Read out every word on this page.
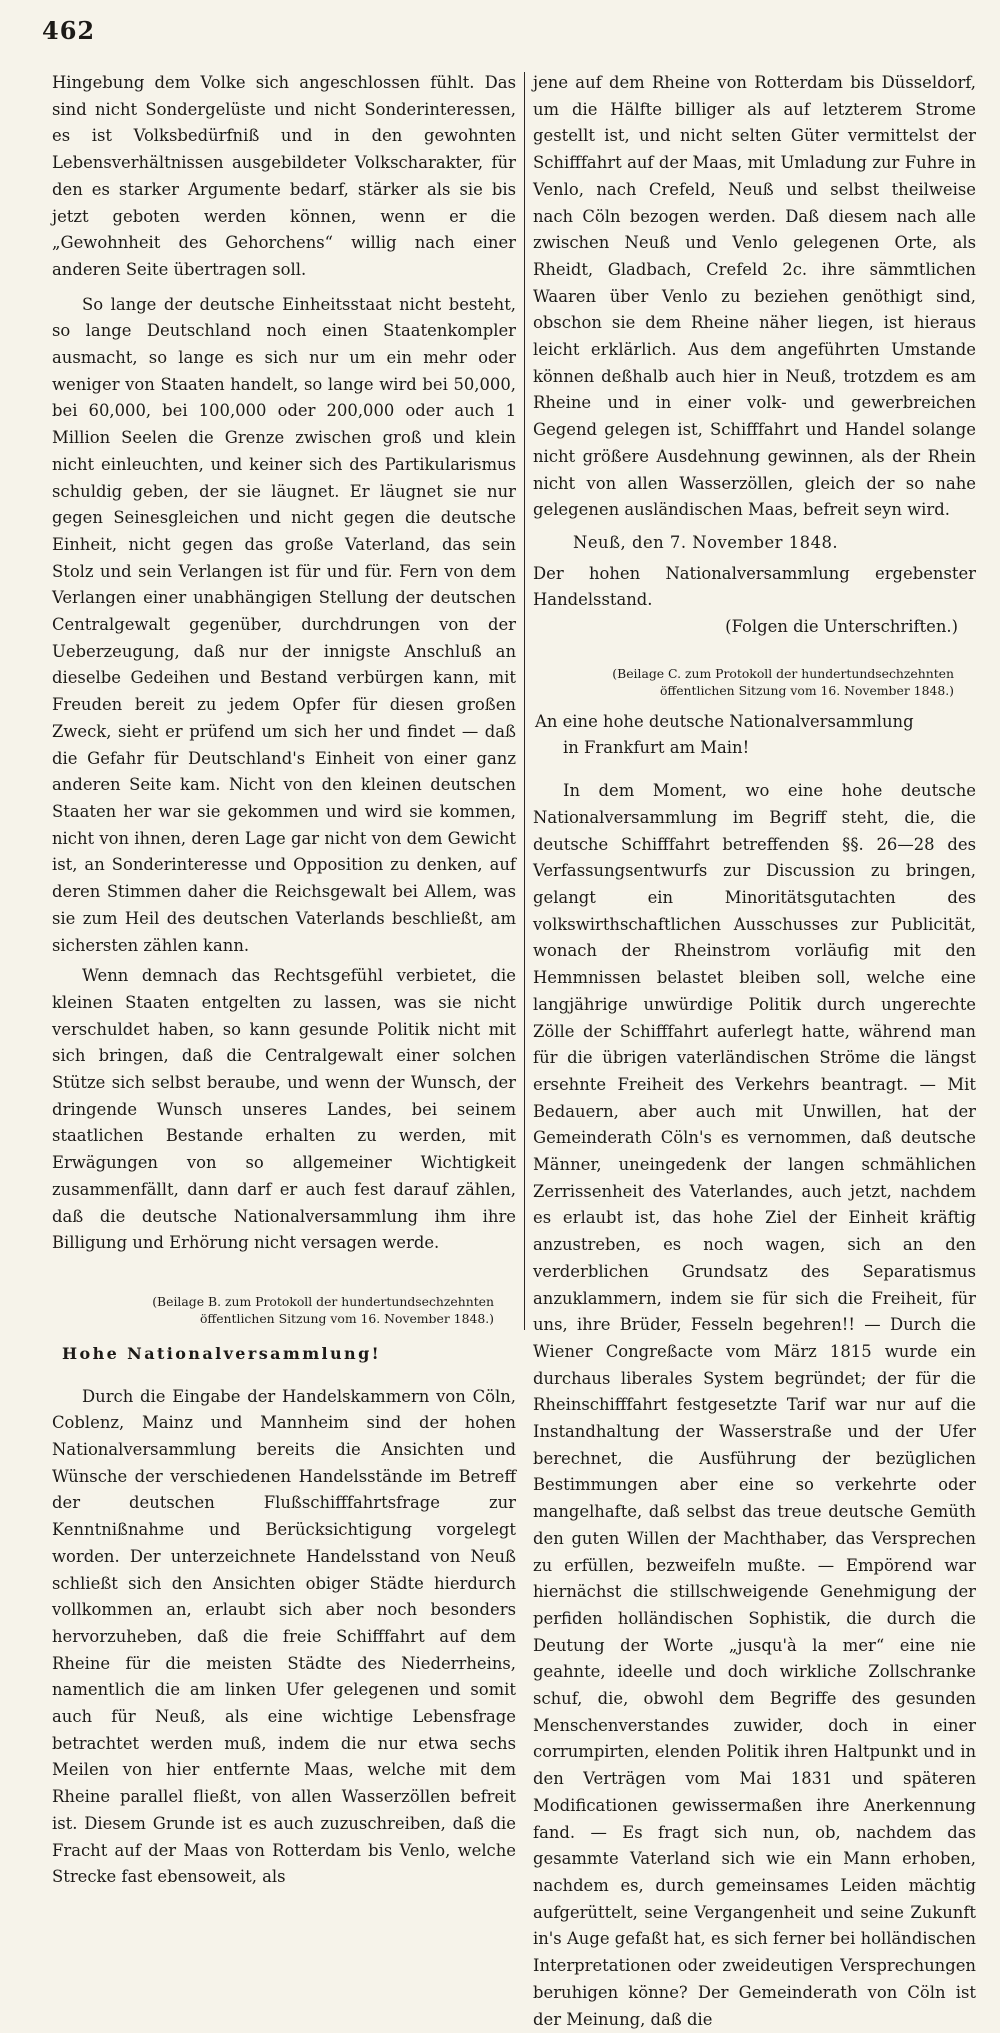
462

Hingebung dem Volke sich angeschlossen fühlt. Das sind nicht Sondergelüste und nicht Sonderinteressen, es ist Volksbedürfniß und in den gewohnten Lebensverhältnissen ausgebildeter Volkscharakter, für den es starker Argumente bedarf, stärker als sie bis jetzt geboten werden können, wenn er die „Gewohnheit des Gehorchens“ willig nach einer anderen Seite übertragen soll.

So lange der deutsche Einheitsstaat nicht besteht, so lange Deutschland noch einen Staatenkompler ausmacht, so lange es sich nur um ein mehr oder weniger von Staaten handelt, so lange wird bei 50,000, bei 60,000, bei 100,000 oder 200,000 oder auch 1 Million Seelen die Grenze zwischen groß und klein nicht einleuchten, und keiner sich des Partikularismus schuldig geben, der sie läugnet. Er läugnet sie nur gegen Seinesgleichen und nicht gegen die deutsche Einheit, nicht gegen das große Vaterland, das sein Stolz und sein Verlangen ist für und für. Fern von dem Verlangen einer unabhängigen Stellung der deutschen Centralgewalt gegenüber, durchdrungen von der Ueberzeugung, daß nur der innigste Anschluß an dieselbe Gedeihen und Bestand verbürgen kann, mit Freuden bereit zu jedem Opfer für diesen großen Zweck, sieht er prüfend um sich her und findet — daß die Gefahr für Deutschland's Einheit von einer ganz anderen Seite kam. Nicht von den kleinen deutschen Staaten her war sie gekommen und wird sie kommen, nicht von ihnen, deren Lage gar nicht von dem Gewicht ist, an Sonderinteresse und Opposition zu denken, auf deren Stimmen daher die Reichsgewalt bei Allem, was sie zum Heil des deutschen Vaterlands beschließt, am sichersten zählen kann.

Wenn demnach das Rechtsgefühl verbietet, die kleinen Staaten entgelten zu lassen, was sie nicht verschuldet haben, so kann gesunde Politik nicht mit sich bringen, daß die Centralgewalt einer solchen Stütze sich selbst beraube, und wenn der Wunsch, der dringende Wunsch unseres Landes, bei seinem staatlichen Bestande erhalten zu werden, mit Erwägungen von so allgemeiner Wichtigkeit zusammenfällt, dann darf er auch fest darauf zählen, daß die deutsche Nationalversammlung ihm ihre Billigung und Erhörung nicht versagen werde.

(Beilage B. zum Protokoll der hundertundsechzehnten
öffentlichen Sitzung vom 16. November 1848.)

Hohe Nationalversammlung!

Durch die Eingabe der Handelskammern von Cöln, Coblenz, Mainz und Mannheim sind der hohen Nationalversammlung bereits die Ansichten und Wünsche der verschiedenen Handelsstände im Betreff der deutschen Flußschifffahrtsfrage zur Kenntnißnahme und Berücksichtigung vorgelegt worden. Der unterzeichnete Handelsstand von Neuß schließt sich den Ansichten obiger Städte hierdurch vollkommen an, erlaubt sich aber noch besonders hervorzuheben, daß die freie Schifffahrt auf dem Rheine für die meisten Städte des Niederrheins, namentlich die am linken Ufer gelegenen und somit auch für Neuß, als eine wichtige Lebensfrage betrachtet werden muß, indem die nur etwa sechs Meilen von hier entfernte Maas, welche mit dem Rheine parallel fließt, von allen Wasserzöllen befreit ist. Diesem Grunde ist es auch zuzuschreiben, daß die Fracht auf der Maas von Rotterdam bis Venlo, welche Strecke fast ebensoweit, als

jene auf dem Rheine von Rotterdam bis Düsseldorf, um die Hälfte billiger als auf letzterem Strome gestellt ist, und nicht selten Güter vermittelst der Schifffahrt auf der Maas, mit Umladung zur Fuhre in Venlo, nach Crefeld, Neuß und selbst theilweise nach Cöln bezogen werden. Daß diesem nach alle zwischen Neuß und Venlo gelegenen Orte, als Rheidt, Gladbach, Crefeld 2c. ihre sämmtlichen Waaren über Venlo zu beziehen genöthigt sind, obschon sie dem Rheine näher liegen, ist hieraus leicht erklärlich. Aus dem angeführten Umstande können deßhalb auch hier in Neuß, trotzdem es am Rheine und in einer volk- und gewerbreichen Gegend gelegen ist, Schifffahrt und Handel solange nicht größere Ausdehnung gewinnen, als der Rhein nicht von allen Wasserzöllen, gleich der so nahe gelegenen ausländischen Maas, befreit seyn wird.

Neuß, den 7. November 1848.

Der hohen Nationalversammlung ergebenster Handelsstand.

(Folgen die Unterschriften.)

(Beilage C. zum Protokoll der hundertundsechzehnten
öffentlichen Sitzung vom 16. November 1848.)
An eine hohe deutsche Nationalversammlung
in Frankfurt am Main!

In dem Moment, wo eine hohe deutsche Nationalversammlung im Begriff steht, die, die deutsche Schifffahrt betreffenden §§. 26—28 des Verfassungsentwurfs zur Discussion zu bringen, gelangt ein Minoritätsgutachten des volkswirthschaftlichen Ausschusses zur Publicität, wonach der Rheinstrom vorläufig mit den Hemmnissen belastet bleiben soll, welche eine langjährige unwürdige Politik durch ungerechte Zölle der Schifffahrt auferlegt hatte, während man für die übrigen vaterländischen Ströme die längst ersehnte Freiheit des Verkehrs beantragt. — Mit Bedauern, aber auch mit Unwillen, hat der Gemeinderath Cöln's es vernommen, daß deutsche Männer, uneingedenk der langen schmählichen Zerrissenheit des Vaterlandes, auch jetzt, nachdem es erlaubt ist, das hohe Ziel der Einheit kräftig anzustreben, es noch wagen, sich an den verderblichen Grundsatz des Separatismus anzuklammern, indem sie für sich die Freiheit, für uns, ihre Brüder, Fesseln begehren!! — Durch die Wiener Congreßacte vom März 1815 wurde ein durchaus liberales System begründet; der für die Rheinschifffahrt festgesetzte Tarif war nur auf die Instandhaltung der Wasserstraße und der Ufer berechnet, die Ausführung der bezüglichen Bestimmungen aber eine so verkehrte oder mangelhafte, daß selbst das treue deutsche Gemüth den guten Willen der Machthaber, das Versprechen zu erfüllen, bezweifeln mußte. — Empörend war hiernächst die stillschweigende Genehmigung der perfiden holländischen Sophistik, die durch die Deutung der Worte „jusqu'à la mer“ eine nie geahnte, ideelle und doch wirkliche Zollschranke schuf, die, obwohl dem Begriffe des gesunden Menschenverstandes zuwider, doch in einer corrumpirten, elenden Politik ihren Haltpunkt und in den Verträgen vom Mai 1831 und späteren Modificationen gewissermaßen ihre Anerkennung fand. — Es fragt sich nun, ob, nachdem das gesammte Vaterland sich wie ein Mann erhoben, nachdem es, durch gemeinsames Leiden mächtig aufgerüttelt, seine Vergangenheit und seine Zukunft in's Auge gefaßt hat, es sich ferner bei holländischen Interpretationen oder zweideutigen Versprechungen beruhigen könne? Der Gemeinderath von Cöln ist der Meinung, daß die
